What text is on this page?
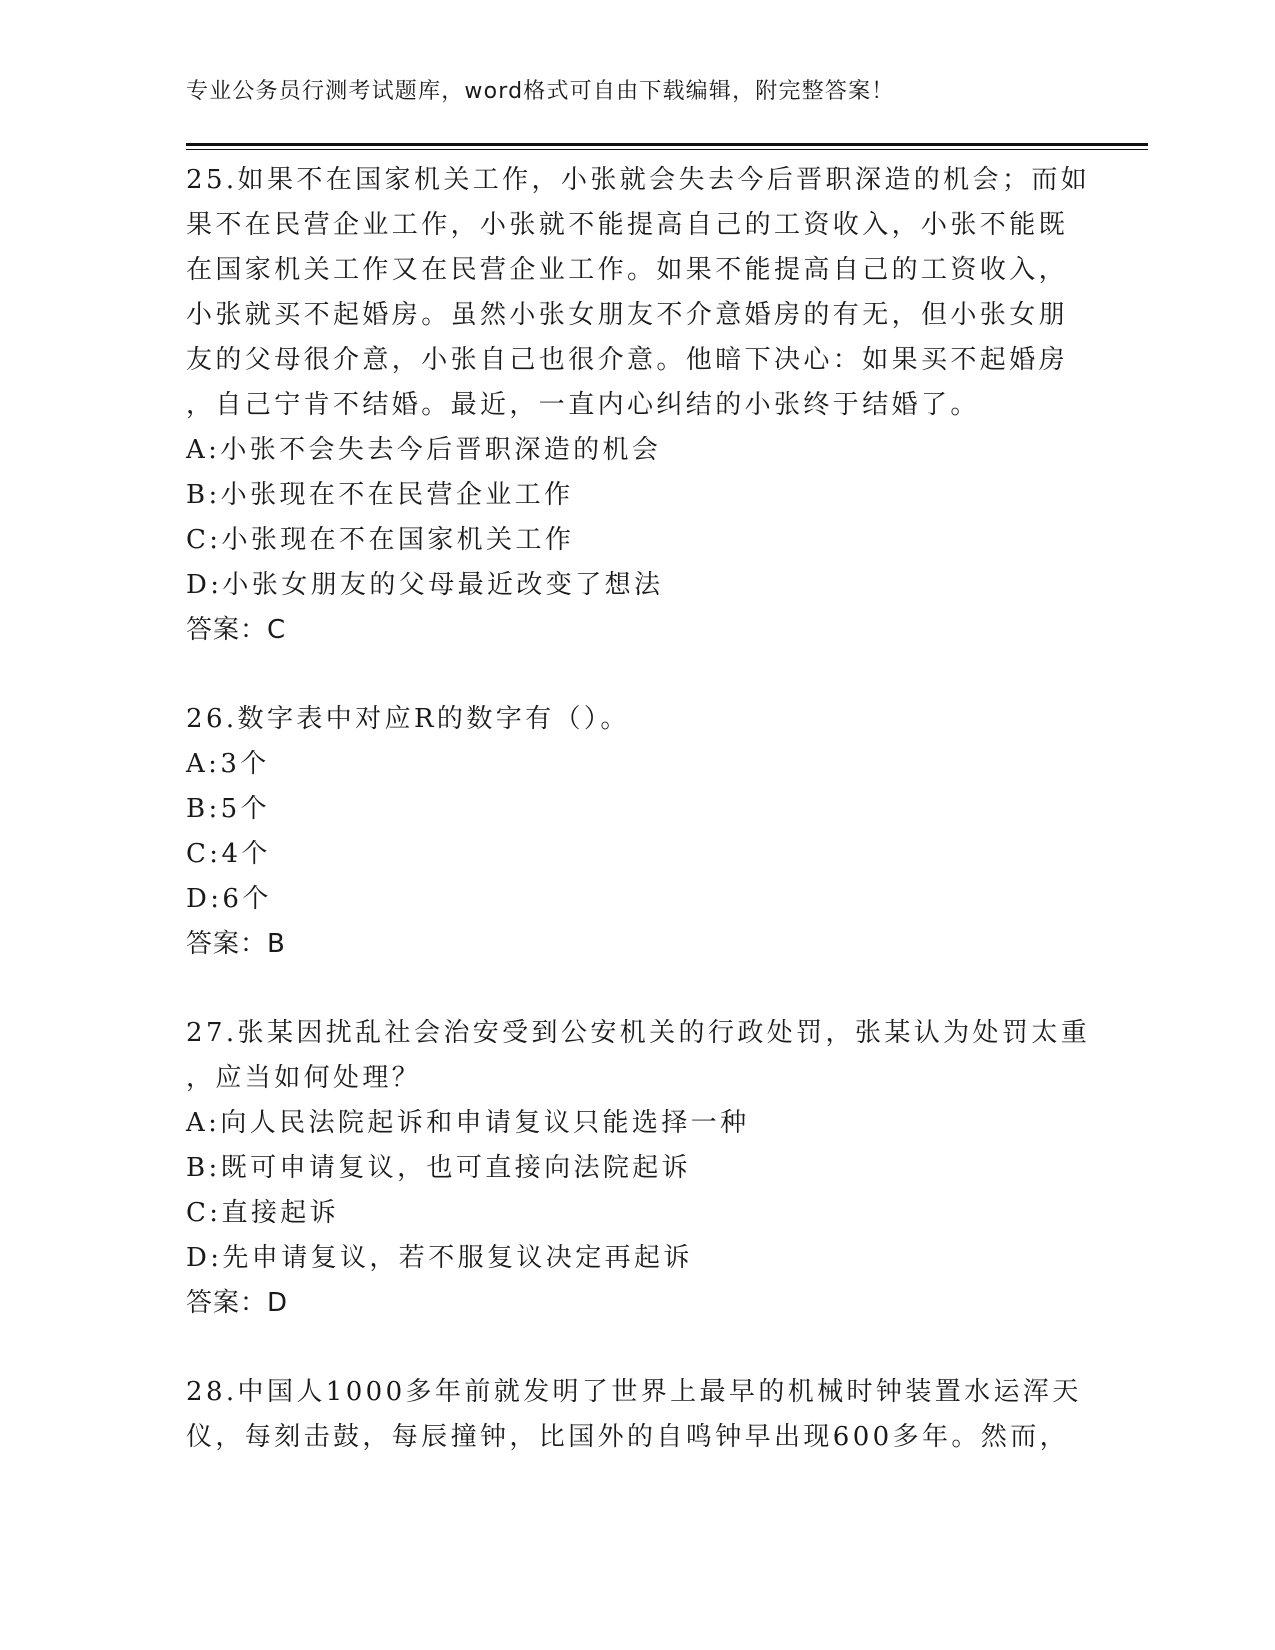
专业公务员行测考试题库，word格式可自由下载编辑，附完整答案！

25.如果不在国家机关工作，小张就会失去今后晋职深造的机会；而如
果不在民营企业工作，小张就不能提高自己的工资收入，小张不能既
在国家机关工作又在民营企业工作。如果不能提高自己的工资收入，
小张就买不起婚房。虽然小张女朋友不介意婚房的有无，但小张女朋
友的父母很介意，小张自己也很介意。他暗下决心：如果买不起婚房
，自己宁肯不结婚。最近，一直内心纠结的小张终于结婚了。

A:小张不会失去今后晋职深造的机会

B:小张现在不在民营企业工作

C:小张现在不在国家机关工作

D:小张女朋友的父母最近改变了想法

答案：C

26.数字表中对应R的数字有（）。

A:3个

B:5个

C:4个

D:6个

答案：B

27.张某因扰乱社会治安受到公安机关的行政处罚，张某认为处罚太重
，应当如何处理？

A:向人民法院起诉和申请复议只能选择一种

B:既可申请复议，也可直接向法院起诉

C:直接起诉

D:先申请复议，若不服复议决定再起诉

答案：D

28.中国人1000多年前就发明了世界上最早的机械时钟装置水运浑天
仪，每刻击鼓，每辰撞钟，比国外的自鸣钟早出现600多年。然而，
